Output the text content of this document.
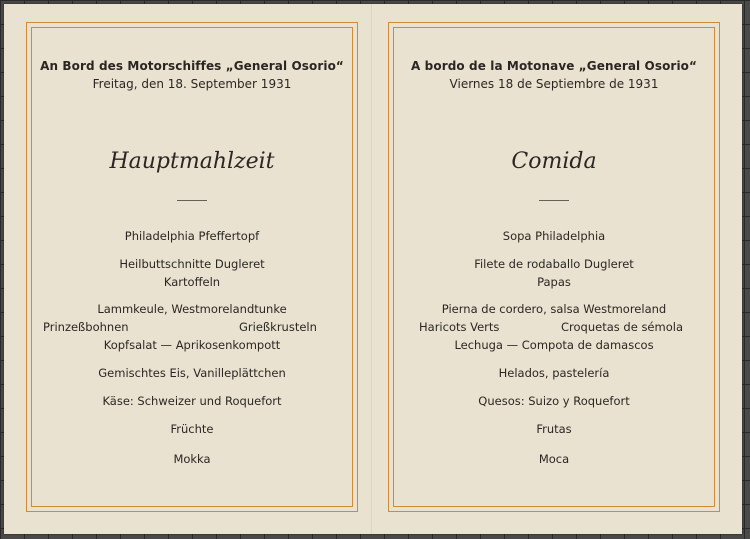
An Bord des Motorschiffes „General Osorio“
Freitag, den 18. September 1931
Hauptmahlzeit
Philadelphia Pfeffertopf
Heilbuttschnitte Dugleret
Kartoffeln
Lammkeule, Westmorelandtunke
Prinzeßbohnen	Grießkrusteln
Kopfsalat — Aprikosenkompott
Gemischtes Eis, Vanilleplättchen
Käse: Schweizer und Roquefort
Früchte
Mokka
A bordo de la Motonave „General Osorio“
Viernes 18 de Septiembre de 1931
Comida
Sopa Philadelphia
Filete de rodaballo Dugleret
Papas
Pierna de cordero, salsa Westmoreland
Haricots Verts	Croquetas de sémola
Lechuga — Compota de damascos
Helados, pastelería
Quesos: Suizo y Roquefort
Frutas
Moca
